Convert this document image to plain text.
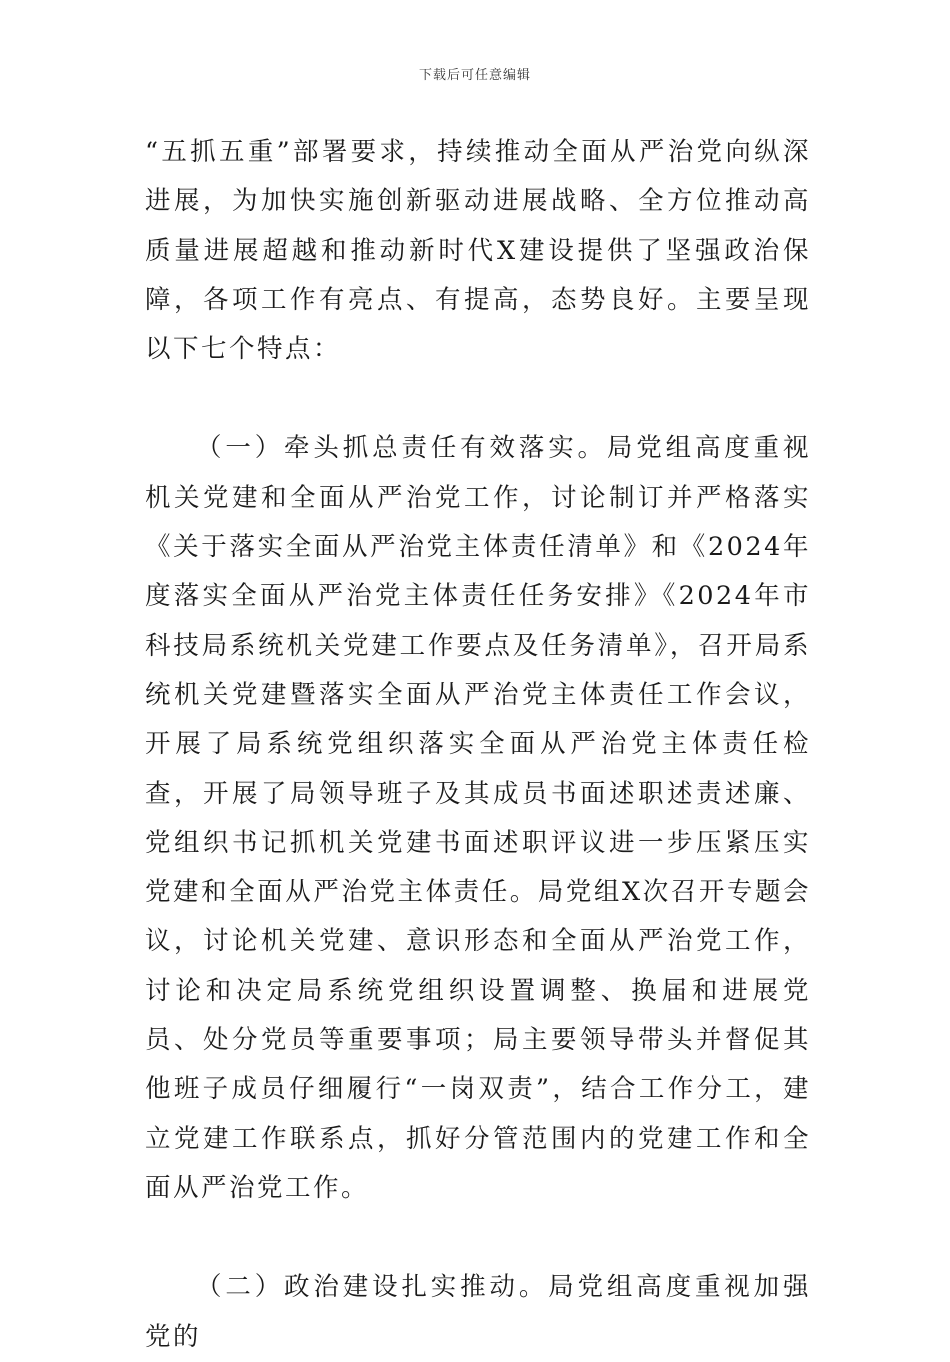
下载后可任意编辑

“五抓五重”部署要求，持续推动全面从严治党向纵深进展，为加快实施创新驱动进展战略、全方位推动高质量进展超越和推动新时代X建设提供了坚强政治保障，各项工作有亮点、有提高，态势良好。主要呈现以下七个特点：

（一）牵头抓总责任有效落实。局党组高度重视机关党建和全面从严治党工作，讨论制订并严格落实《关于落实全面从严治党主体责任清单》和《2024年度落实全面从严治党主体责任任务安排》《2024年市科技局系统机关党建工作要点及任务清单》，召开局系统机关党建暨落实全面从严治党主体责任工作会议，开展了局系统党组织落实全面从严治党主体责任检查，开展了局领导班子及其成员书面述职述责述廉、党组织书记抓机关党建书面述职评议进一步压紧压实党建和全面从严治党主体责任。局党组X次召开专题会议，讨论机关党建、意识形态和全面从严治党工作，讨论和决定局系统党组织设置调整、换届和进展党员、处分党员等重要事项；局主要领导带头并督促其他班子成员仔细履行“一岗双责”，结合工作分工，建立党建工作联系点，抓好分管范围内的党建工作和全面从严治党工作。

（二）政治建设扎实推动。局党组高度重视加强党的
